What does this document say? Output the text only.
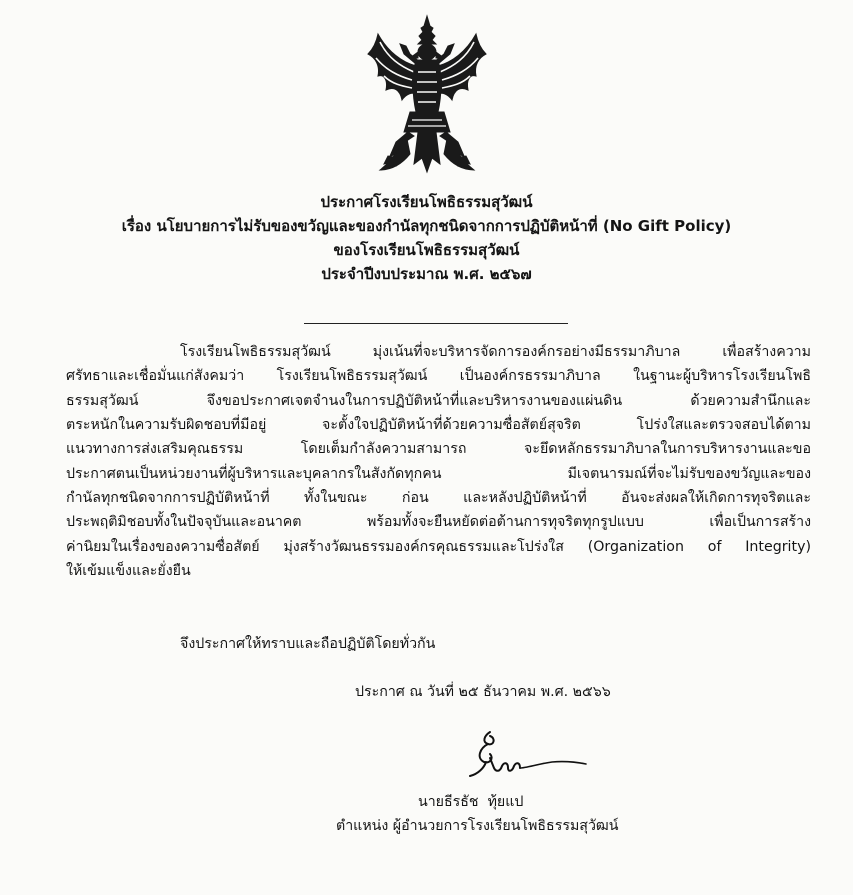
ประกาศโรงเรียนโพธิธรรมสุวัฒน์
เรื่อง นโยบายการไม่รับของขวัญและของกำนัลทุกชนิดจากการปฏิบัติหน้าที่ (No Gift Policy)
ของโรงเรียนโพธิธรรมสุวัฒน์
ประจำปีงบประมาณ พ.ศ. ๒๕๖๗
โรงเรียนโพธิธรรมสุวัฒน์ มุ่งเน้นที่จะบริหารจัดการองค์กรอย่างมีธรรมาภิบาล เพื่อสร้างความ
ศรัทธาและเชื่อมั่นแก่สังคมว่า โรงเรียนโพธิธรรมสุวัฒน์ เป็นองค์กรธรรมาภิบาล ในฐานะผู้บริหารโรงเรียนโพธิ
ธรรมสุวัฒน์ จึงขอประกาศเจตจำนงในการปฏิบัติหน้าที่และบริหารงานของแผ่นดิน ด้วยความสำนึกและ
ตระหนักในความรับผิดชอบที่มีอยู่ จะตั้งใจปฏิบัติหน้าที่ด้วยความซื่อสัตย์สุจริต โปร่งใสและตรวจสอบได้ตาม
แนวทางการส่งเสริมคุณธรรม โดยเต็มกำลังความสามารถ จะยึดหลักธรรมาภิบาลในการบริหารงานและขอ
ประกาศตนเป็นหน่วยงานที่ผู้บริหารและบุคลากรในสังกัดทุกคน มีเจตนารมณ์ที่จะไม่รับของขวัญและของ
กำนัลทุกชนิดจากการปฏิบัติหน้าที่ ทั้งในขณะ ก่อน และหลังปฏิบัติหน้าที่ อันจะส่งผลให้เกิดการทุจริตและ
ประพฤติมิชอบทั้งในปัจจุบันและอนาคต พร้อมทั้งจะยืนหยัดต่อต้านการทุจริตทุกรูปแบบ เพื่อเป็นการสร้าง
ค่านิยมในเรื่องของความซื่อสัตย์ มุ่งสร้างวัฒนธรรมองค์กรคุณธรรมและโปร่งใส (Organization of Integrity)
ให้เข้มแข็งและยั่งยืน
จึงประกาศให้ทราบและถือปฏิบัติโดยทั่วกัน
ประกาศ ณ วันที่ ๒๕ ธันวาคม พ.ศ. ๒๕๖๖
นายธีรธัช  ทุ้ยแป
ตำแหน่ง ผู้อำนวยการโรงเรียนโพธิธรรมสุวัฒน์
